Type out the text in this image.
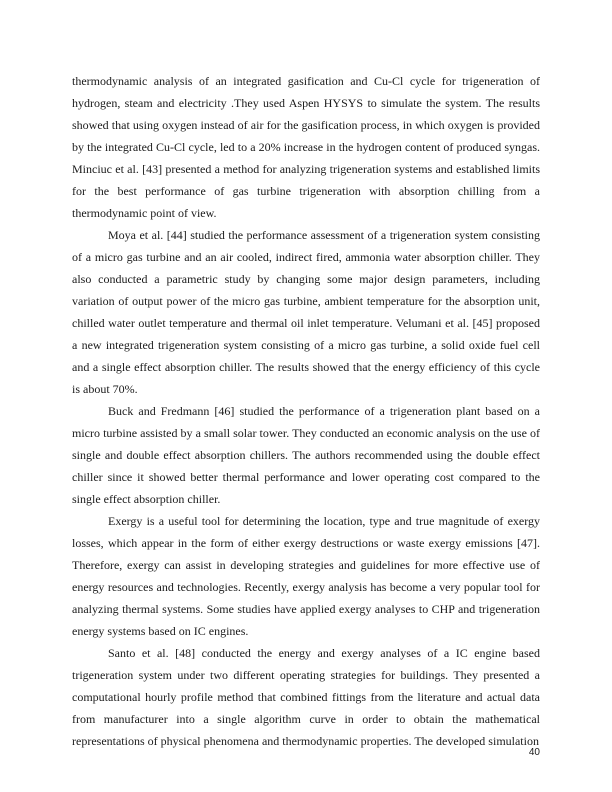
thermodynamic analysis of an integrated gasification and Cu-Cl cycle for trigeneration of hydrogen, steam and electricity .They used Aspen HYSYS to simulate the system. The results showed that using oxygen instead of air for the gasification process, in which oxygen is provided by the integrated Cu-Cl cycle, led to a 20% increase in the hydrogen content of produced syngas. Minciuc et al. [43] presented a method for analyzing trigeneration systems and established limits for the best performance of gas turbine trigeneration with absorption chilling from a thermodynamic point of view.

Moya et al. [44] studied the performance assessment of a trigeneration system consisting of a micro gas turbine and an air cooled, indirect fired, ammonia water absorption chiller. They also conducted a parametric study by changing some major design parameters, including variation of output power of the micro gas turbine, ambient temperature for the absorption unit, chilled water outlet temperature and thermal oil inlet temperature. Velumani et al. [45] proposed a new integrated trigeneration system consisting of a micro gas turbine, a solid oxide fuel cell and a single effect absorption chiller. The results showed that the energy efficiency of this cycle is about 70%.

Buck and Fredmann [46] studied the performance of a trigeneration plant based on a micro turbine assisted by a small solar tower. They conducted an economic analysis on the use of single and double effect absorption chillers. The authors recommended using the double effect chiller since it showed better thermal performance and lower operating cost compared to the single effect absorption chiller.

Exergy is a useful tool for determining the location, type and true magnitude of exergy losses, which appear in the form of either exergy destructions or waste exergy emissions [47]. Therefore, exergy can assist in developing strategies and guidelines for more effective use of energy resources and technologies. Recently, exergy analysis has become a very popular tool for analyzing thermal systems. Some studies have applied exergy analyses to CHP and trigeneration energy systems based on IC engines.

Santo et al. [48] conducted the energy and exergy analyses of a IC engine based trigeneration system under two different operating strategies for buildings. They presented a computational hourly profile method that combined fittings from the literature and actual data from manufacturer into a single algorithm curve in order to obtain the mathematical representations of physical phenomena and thermodynamic properties. The developed simulation

40
